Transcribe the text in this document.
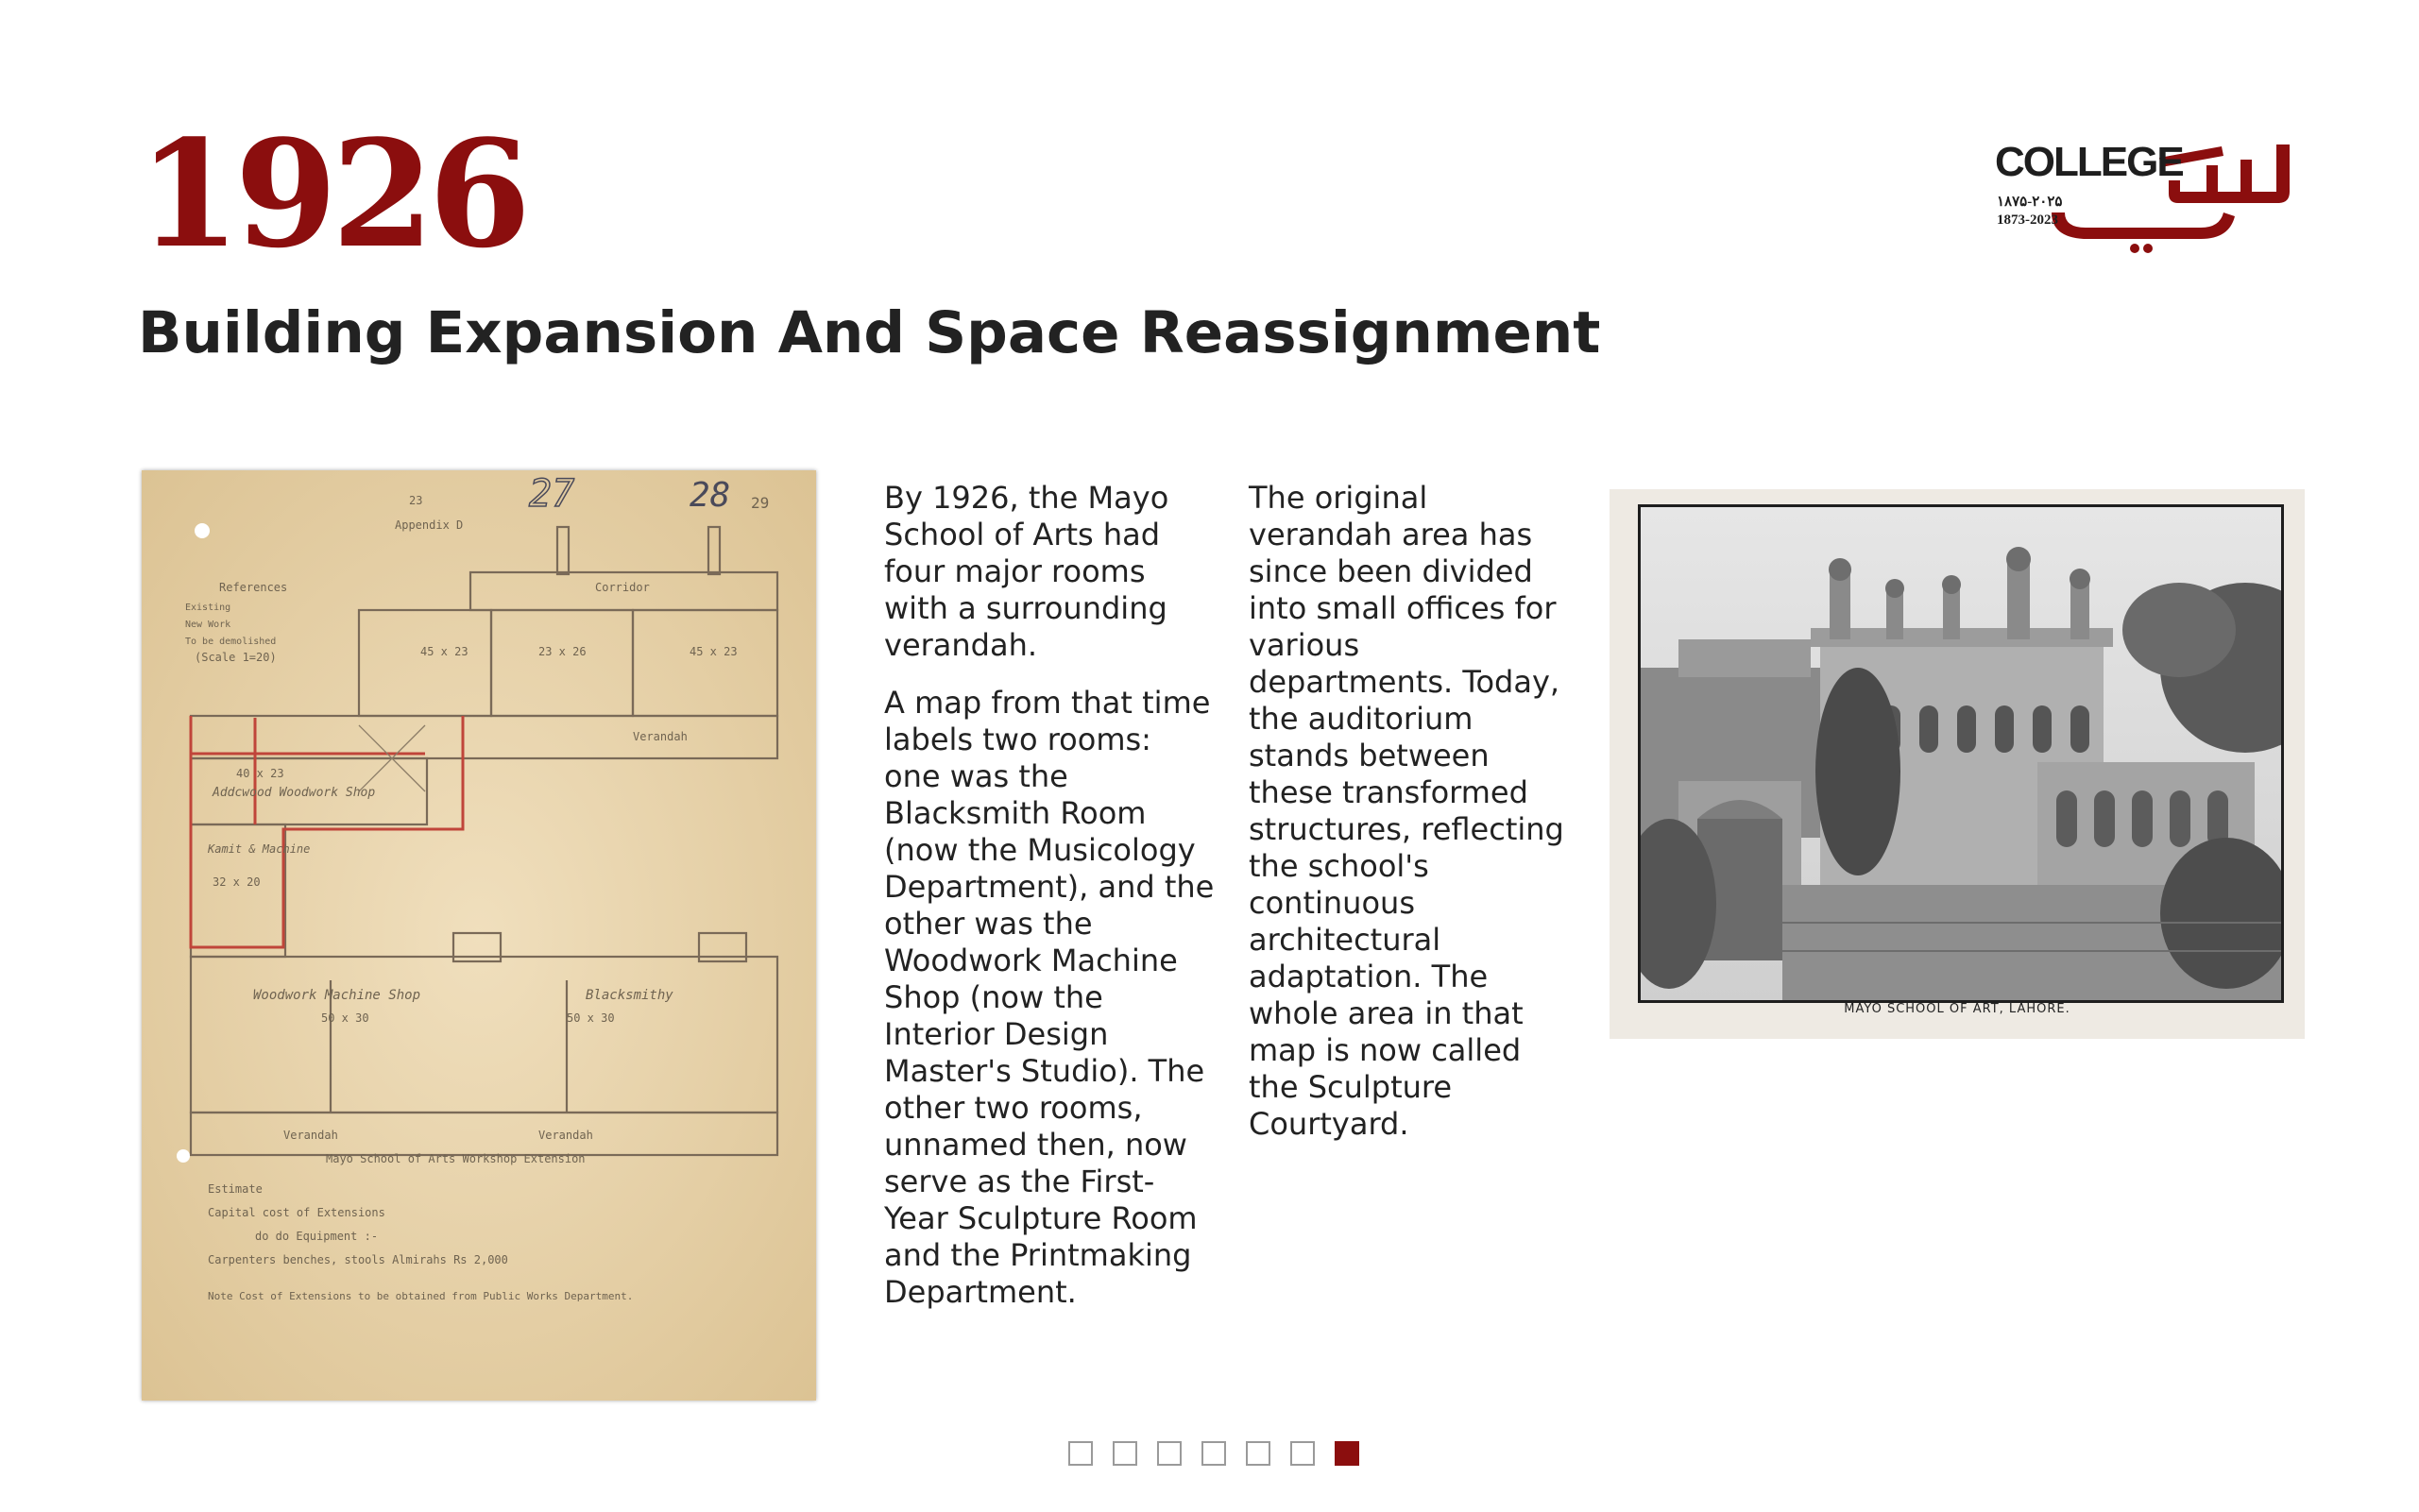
1926
Building Expansion And Space Reassignment
COLLEGE
۱۸۷۵-۲۰۲۵
1873-2023
23	29
Appendix D
References
Existing
New Work
To be demolished
(Scale 1=20)
Corridor
45 x 23	23 x 26	45 x 23
Verandah
40 x 23
Addcwood Woodwork Shop
Kamit & Machine
32 x 20
Woodwork Machine Shop	Blacksmithy
50 x 30	50 x 30
Verandah	Verandah
27	28
Mayo School of Arts Workshop Extension
Estimate
Capital cost of Extensions
do do Equipment :-
Carpenters benches, stools Almirahs Rs 2,000
Note Cost of Extensions to be obtained from Public Works Department.

By 1926, the Mayo School of Arts had four major rooms with a surrounding verandah.

A map from that time labels two rooms: one was the Blacksmith Room (now the Musicology Department), and the other was the Woodwork Machine Shop (now the Interior Design Master's Studio). The other two rooms, unnamed then, now serve as the First-Year Sculpture Room and the Printmaking Department.

The original verandah area has since been divided into small offices for various departments. Today, the auditorium stands between these transformed structures, reflecting the school's continuous architectural adaptation. The whole area in that map is now called the Sculpture Courtyard.

MAYO SCHOOL OF ART, LAHORE.
